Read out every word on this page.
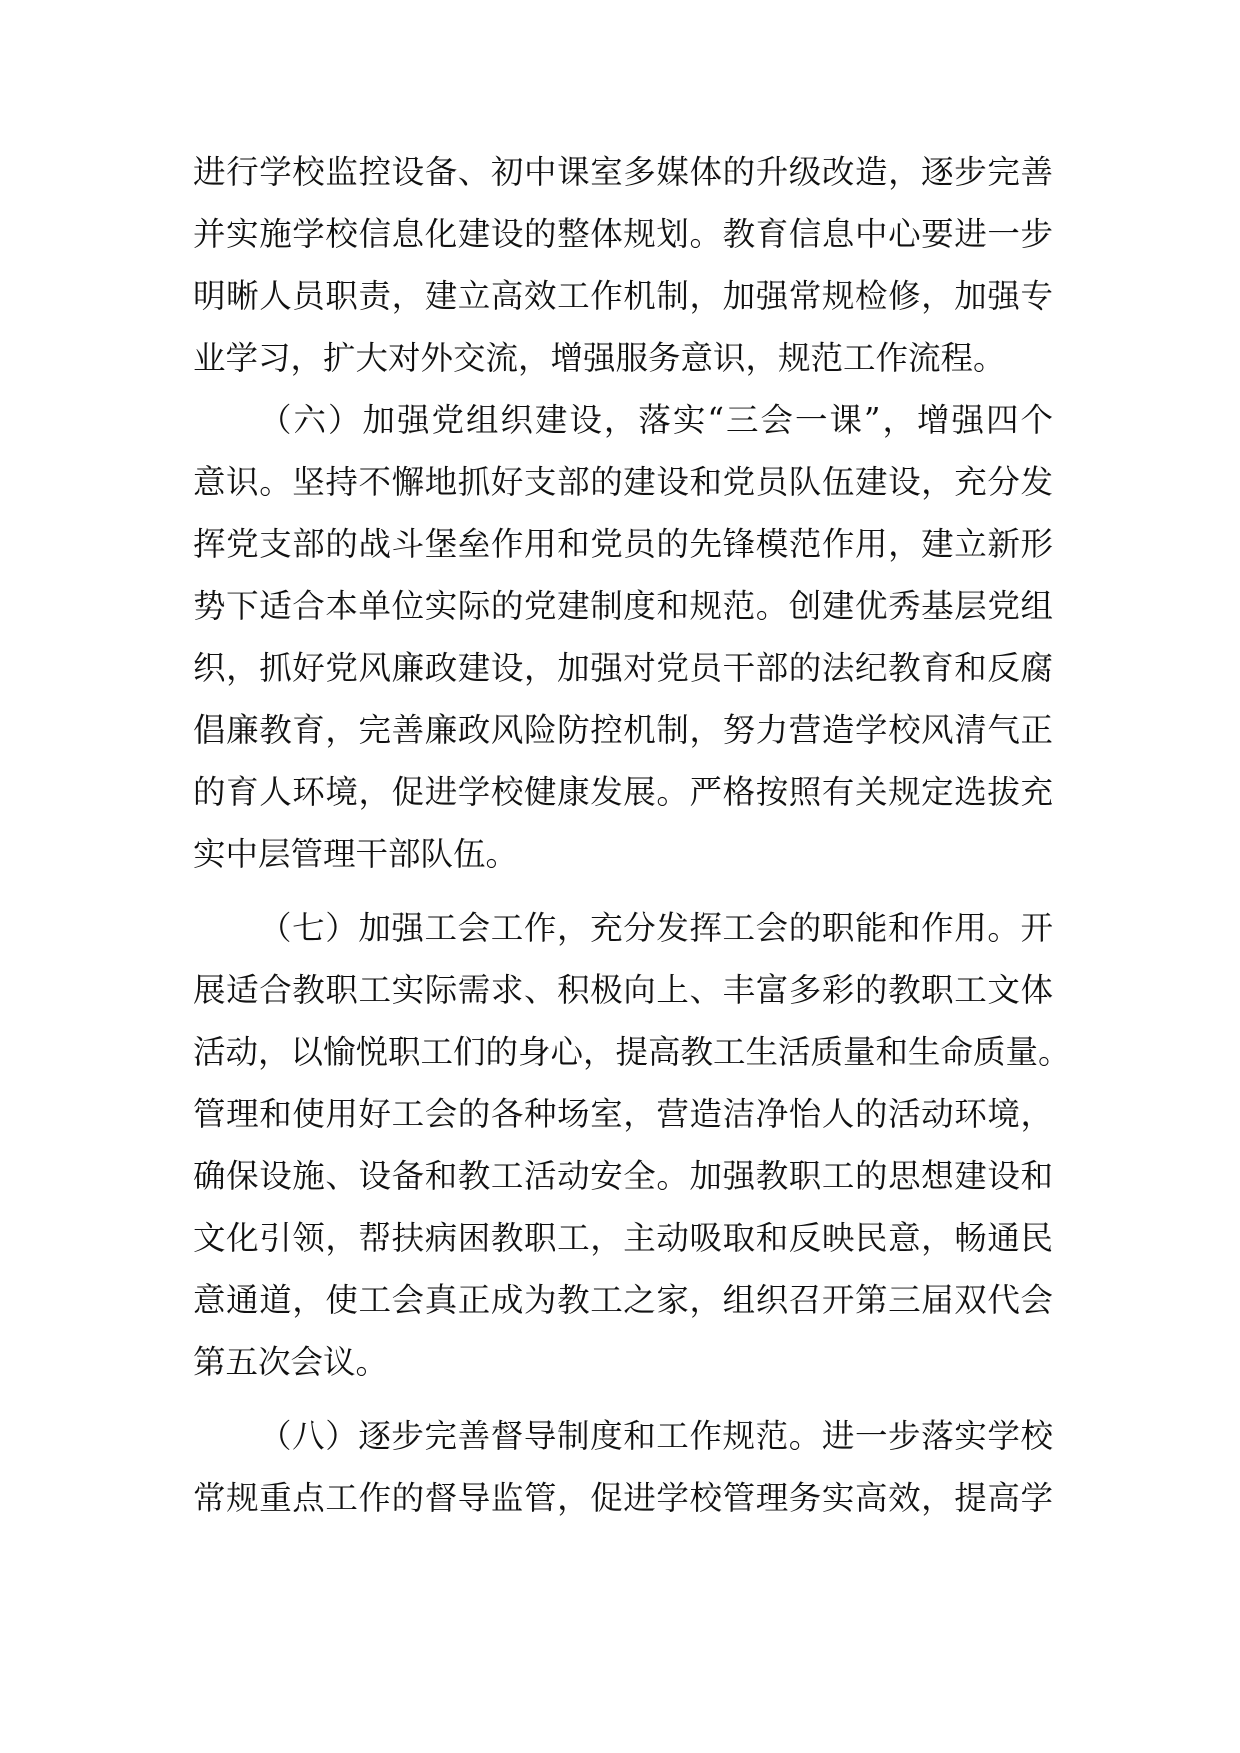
进行学校监控设备、初中课室多媒体的升级改造，逐步完善
并实施学校信息化建设的整体规划。教育信息中心要进一步
明晰人员职责，建立高效工作机制，加强常规检修，加强专
业学习，扩大对外交流，增强服务意识，规范工作流程。
（六）加强党组织建设，落实“三会一课”，增强四个
意识。坚持不懈地抓好支部的建设和党员队伍建设，充分发
挥党支部的战斗堡垒作用和党员的先锋模范作用，建立新形
势下适合本单位实际的党建制度和规范。创建优秀基层党组
织，抓好党风廉政建设，加强对党员干部的法纪教育和反腐
倡廉教育，完善廉政风险防控机制，努力营造学校风清气正
的育人环境，促进学校健康发展。严格按照有关规定选拔充
实中层管理干部队伍。
（七）加强工会工作，充分发挥工会的职能和作用。开
展适合教职工实际需求、积极向上、丰富多彩的教职工文体
活动，以愉悦职工们的身心，提高教工生活质量和生命质量。
管理和使用好工会的各种场室，营造洁净怡人的活动环境，
确保设施、设备和教工活动安全。加强教职工的思想建设和
文化引领，帮扶病困教职工，主动吸取和反映民意，畅通民
意通道，使工会真正成为教工之家，组织召开第三届双代会
第五次会议。
（八）逐步完善督导制度和工作规范。进一步落实学校
常规重点工作的督导监管，促进学校管理务实高效，提高学
